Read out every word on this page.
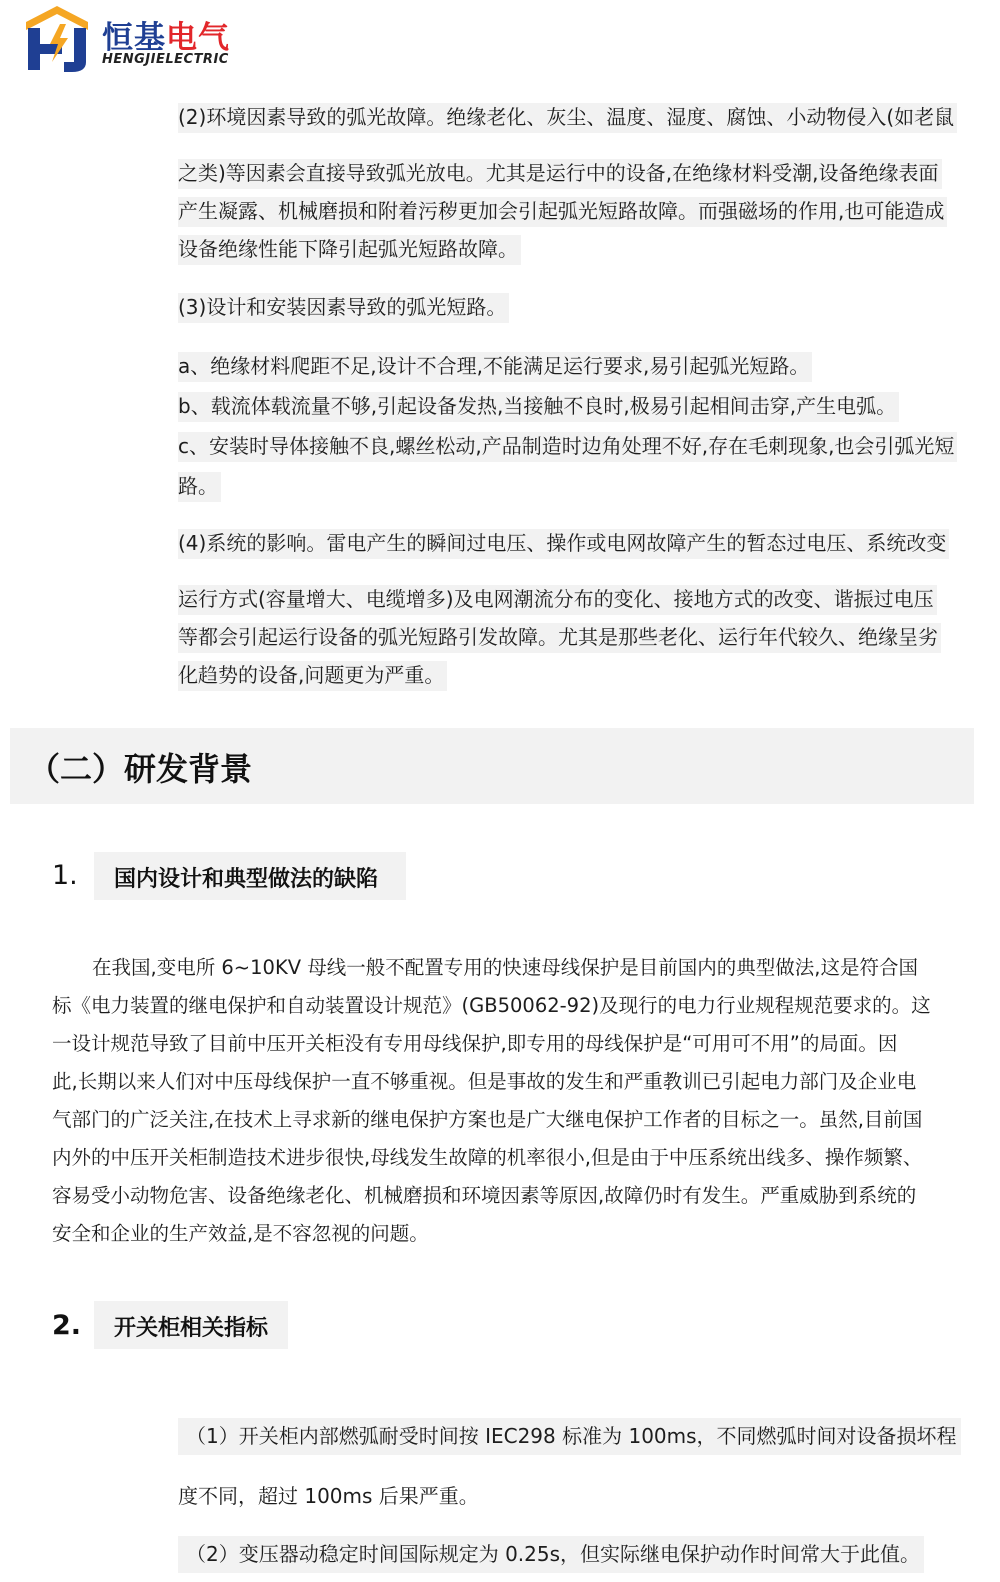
恒基电气
HENGJIELECTRIC
(2)环境因素导致的弧光故障。绝缘老化、灰尘、温度、湿度、腐蚀、小动物侵入(如老鼠
之类)等因素会直接导致弧光放电。尤其是运行中的设备,在绝缘材料受潮,设备绝缘表面
产生凝露、机械磨损和附着污秽更加会引起弧光短路故障。而强磁场的作用,也可能造成
设备绝缘性能下降引起弧光短路故障。
(3)设计和安装因素导致的弧光短路。
a、绝缘材料爬距不足,设计不合理,不能满足运行要求,易引起弧光短路。
b、载流体载流量不够,引起设备发热,当接触不良时,极易引起相间击穿,产生电弧。
c、安装时导体接触不良,螺丝松动,产品制造时边角处理不好,存在毛刺现象,也会引弧光短
路。
(4)系统的影响。雷电产生的瞬间过电压、操作或电网故障产生的暂态过电压、系统改变
运行方式(容量增大、电缆增多)及电网潮流分布的变化、接地方式的改变、谐振过电压
等都会引起运行设备的弧光短路引发故障。尤其是那些老化、运行年代较久、绝缘呈劣
化趋势的设备,问题更为严重。
（二）研发背景
1. 国内设计和典型做法的缺陷
在我国,变电所 6~10KV 母线一般不配置专用的快速母线保护是目前国内的典型做法,这是符合国
标《电力装置的继电保护和自动装置设计规范》(GB50062-92)及现行的电力行业规程规范要求的。这
一设计规范导致了目前中压开关柜没有专用母线保护,即专用的母线保护是“可用可不用”的局面。因
此,长期以来人们对中压母线保护一直不够重视。但是事故的发生和严重教训已引起电力部门及企业电
气部门的广泛关注,在技术上寻求新的继电保护方案也是广大继电保护工作者的目标之一。虽然,目前国
内外的中压开关柜制造技术进步很快,母线发生故障的机率很小,但是由于中压系统出线多、操作频繁、
容易受小动物危害、设备绝缘老化、机械磨损和环境因素等原因,故障仍时有发生。严重威胁到系统的
安全和企业的生产效益,是不容忽视的问题。
2. 开关柜相关指标
（1）开关柜内部燃弧耐受时间按 IEC298 标准为 100ms，不同燃弧时间对设备损坏程
度不同，超过 100ms 后果严重。
（2）变压器动稳定时间国际规定为 0.25s，但实际继电保护动作时间常大于此值。
